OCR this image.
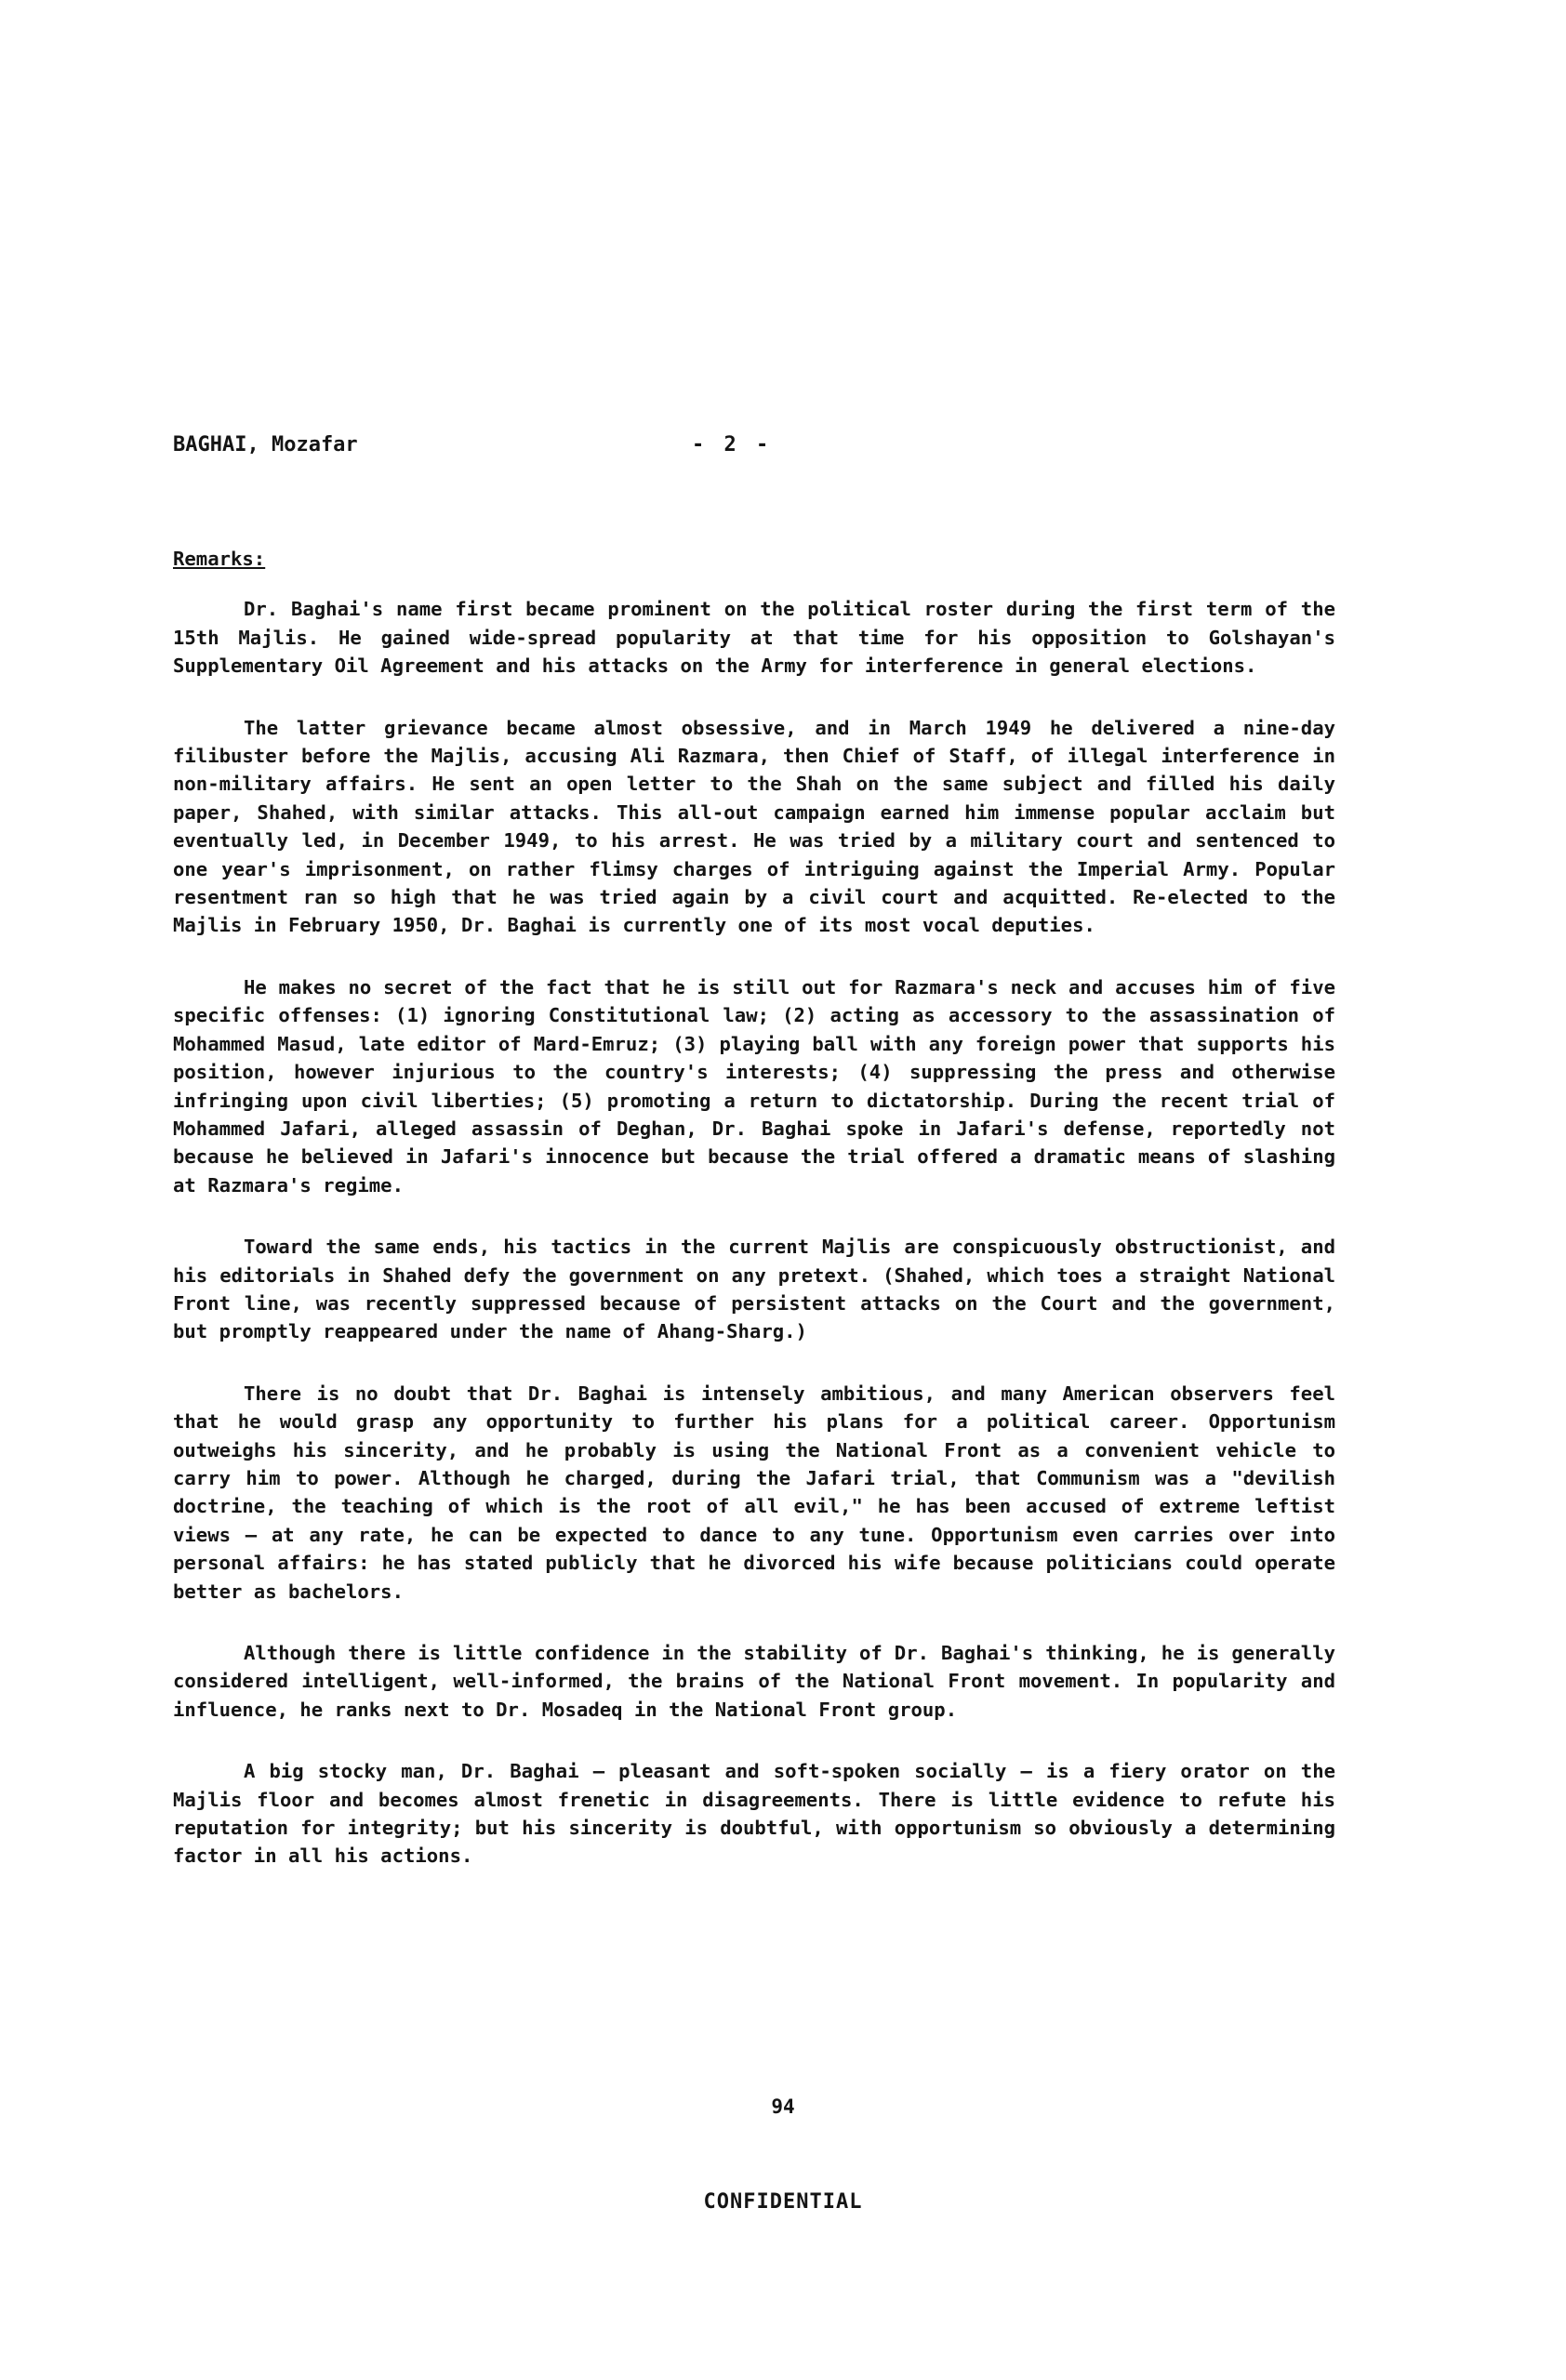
BAGHAI, Mozafar	- 2 -
Remarks:

Dr. Baghai's name first became prominent on the political roster during the first term of the 15th Majlis. He gained wide-spread popularity at that time for his opposition to Golshayan's Supplementary Oil Agreement and his attacks on the Army for interference in general elections.

The latter grievance became almost obsessive, and in March 1949 he delivered a nine-day filibuster before the Majlis, accusing Ali Razmara, then Chief of Staff, of illegal interference in non-military affairs. He sent an open letter to the Shah on the same subject and filled his daily paper, Shahed, with similar attacks. This all-out campaign earned him immense popular acclaim but eventually led, in December 1949, to his arrest. He was tried by a military court and sentenced to one year's imprisonment, on rather flimsy charges of intriguing against the Imperial Army. Popular resentment ran so high that he was tried again by a civil court and acquitted. Re-elected to the Majlis in February 1950, Dr. Baghai is currently one of its most vocal deputies.

He makes no secret of the fact that he is still out for Razmara's neck and accuses him of five specific offenses: (1) ignoring Constitutional law; (2) acting as accessory to the assassination of Mohammed Masud, late editor of Mard-Emruz; (3) playing ball with any foreign power that supports his position, however injurious to the country's interests; (4) suppressing the press and otherwise infringing upon civil liberties; (5) promoting a return to dictatorship. During the recent trial of Mohammed Jafari, alleged assassin of Deghan, Dr. Baghai spoke in Jafari's defense, reportedly not because he believed in Jafari's innocence but because the trial offered a dramatic means of slashing at Razmara's regime.

Toward the same ends, his tactics in the current Majlis are conspicuously obstructionist, and his editorials in Shahed defy the government on any pretext. (Shahed, which toes a straight National Front line, was recently suppressed because of persistent attacks on the Court and the government, but promptly reappeared under the name of Ahang-Sharg.)

There is no doubt that Dr. Baghai is intensely ambitious, and many American observers feel that he would grasp any opportunity to further his plans for a political career. Opportunism outweighs his sincerity, and he probably is using the National Front as a convenient vehicle to carry him to power. Although he charged, during the Jafari trial, that Communism was a "devilish doctrine, the teaching of which is the root of all evil," he has been accused of extreme leftist views — at any rate, he can be expected to dance to any tune. Opportunism even carries over into personal affairs: he has stated publicly that he divorced his wife because politicians could operate better as bachelors.

Although there is little confidence in the stability of Dr. Baghai's thinking, he is generally considered intelligent, well-informed, the brains of the National Front movement. In popularity and influence, he ranks next to Dr. Mosadeq in the National Front group.

A big stocky man, Dr. Baghai — pleasant and soft-spoken socially — is a fiery orator on the Majlis floor and becomes almost frenetic in disagreements. There is little evidence to refute his reputation for integrity; but his sincerity is doubtful, with opportunism so obviously a determining factor in all his actions.

94
CONFIDENTIAL
